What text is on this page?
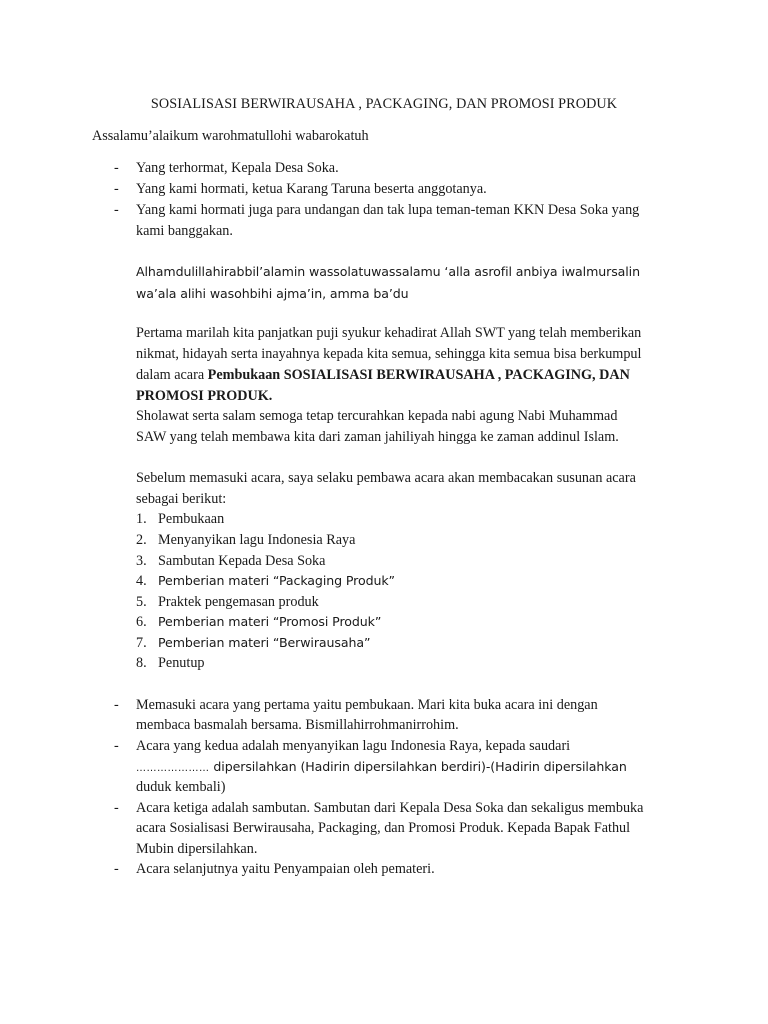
SOSIALISASI BERWIRAUSAHA , PACKAGING, DAN PROMOSI PRODUK
Assalamu’alaikum warohmatullohi wabarokatuh
- Yang terhormat, Kepala Desa Soka.
- Yang kami hormati, ketua Karang Taruna beserta anggotanya.
- Yang kami hormati juga para undangan dan tak lupa teman-teman KKN Desa Soka yang
kami banggakan.
Alhamdulillahirabbil’alamin wassolatuwassalamu ‘alla asrofil anbiya iwalmursalin
wa’ala alihi wasohbihi ajma’in, amma ba’du
Pertama marilah kita panjatkan puji syukur kehadirat Allah SWT yang telah memberikan
nikmat, hidayah serta inayahnya kepada kita semua, sehingga kita semua bisa berkumpul
dalam acara Pembukaan SOSIALISASI BERWIRAUSAHA , PACKAGING, DAN
PROMOSI PRODUK.
Sholawat serta salam semoga tetap tercurahkan kepada nabi agung Nabi Muhammad
SAW yang telah membawa kita dari zaman jahiliyah hingga ke zaman addinul Islam.
Sebelum memasuki acara, saya selaku pembawa acara akan membacakan susunan acara
sebagai berikut:
1. Pembukaan
2. Menyanyikan lagu Indonesia Raya
3. Sambutan Kepada Desa Soka
4. Pemberian materi “Packaging Produk”
5. Praktek pengemasan produk
6. Pemberian materi “Promosi Produk”
7. Pemberian materi “Berwirausaha”
8. Penutup
- Memasuki acara yang pertama yaitu pembukaan. Mari kita buka acara ini dengan
membaca basmalah bersama. Bismillahirrohmanirrohim.
- Acara yang kedua adalah menyanyikan lagu Indonesia Raya, kepada saudari
………………… dipersilahkan (Hadirin dipersilahkan berdiri)-(Hadirin dipersilahkan
duduk kembali)
- Acara ketiga adalah sambutan. Sambutan dari Kepala Desa Soka dan sekaligus membuka
acara Sosialisasi Berwirausaha, Packaging, dan Promosi Produk. Kepada Bapak Fathul
Mubin dipersilahkan.
- Acara selanjutnya yaitu Penyampaian oleh pemateri.
